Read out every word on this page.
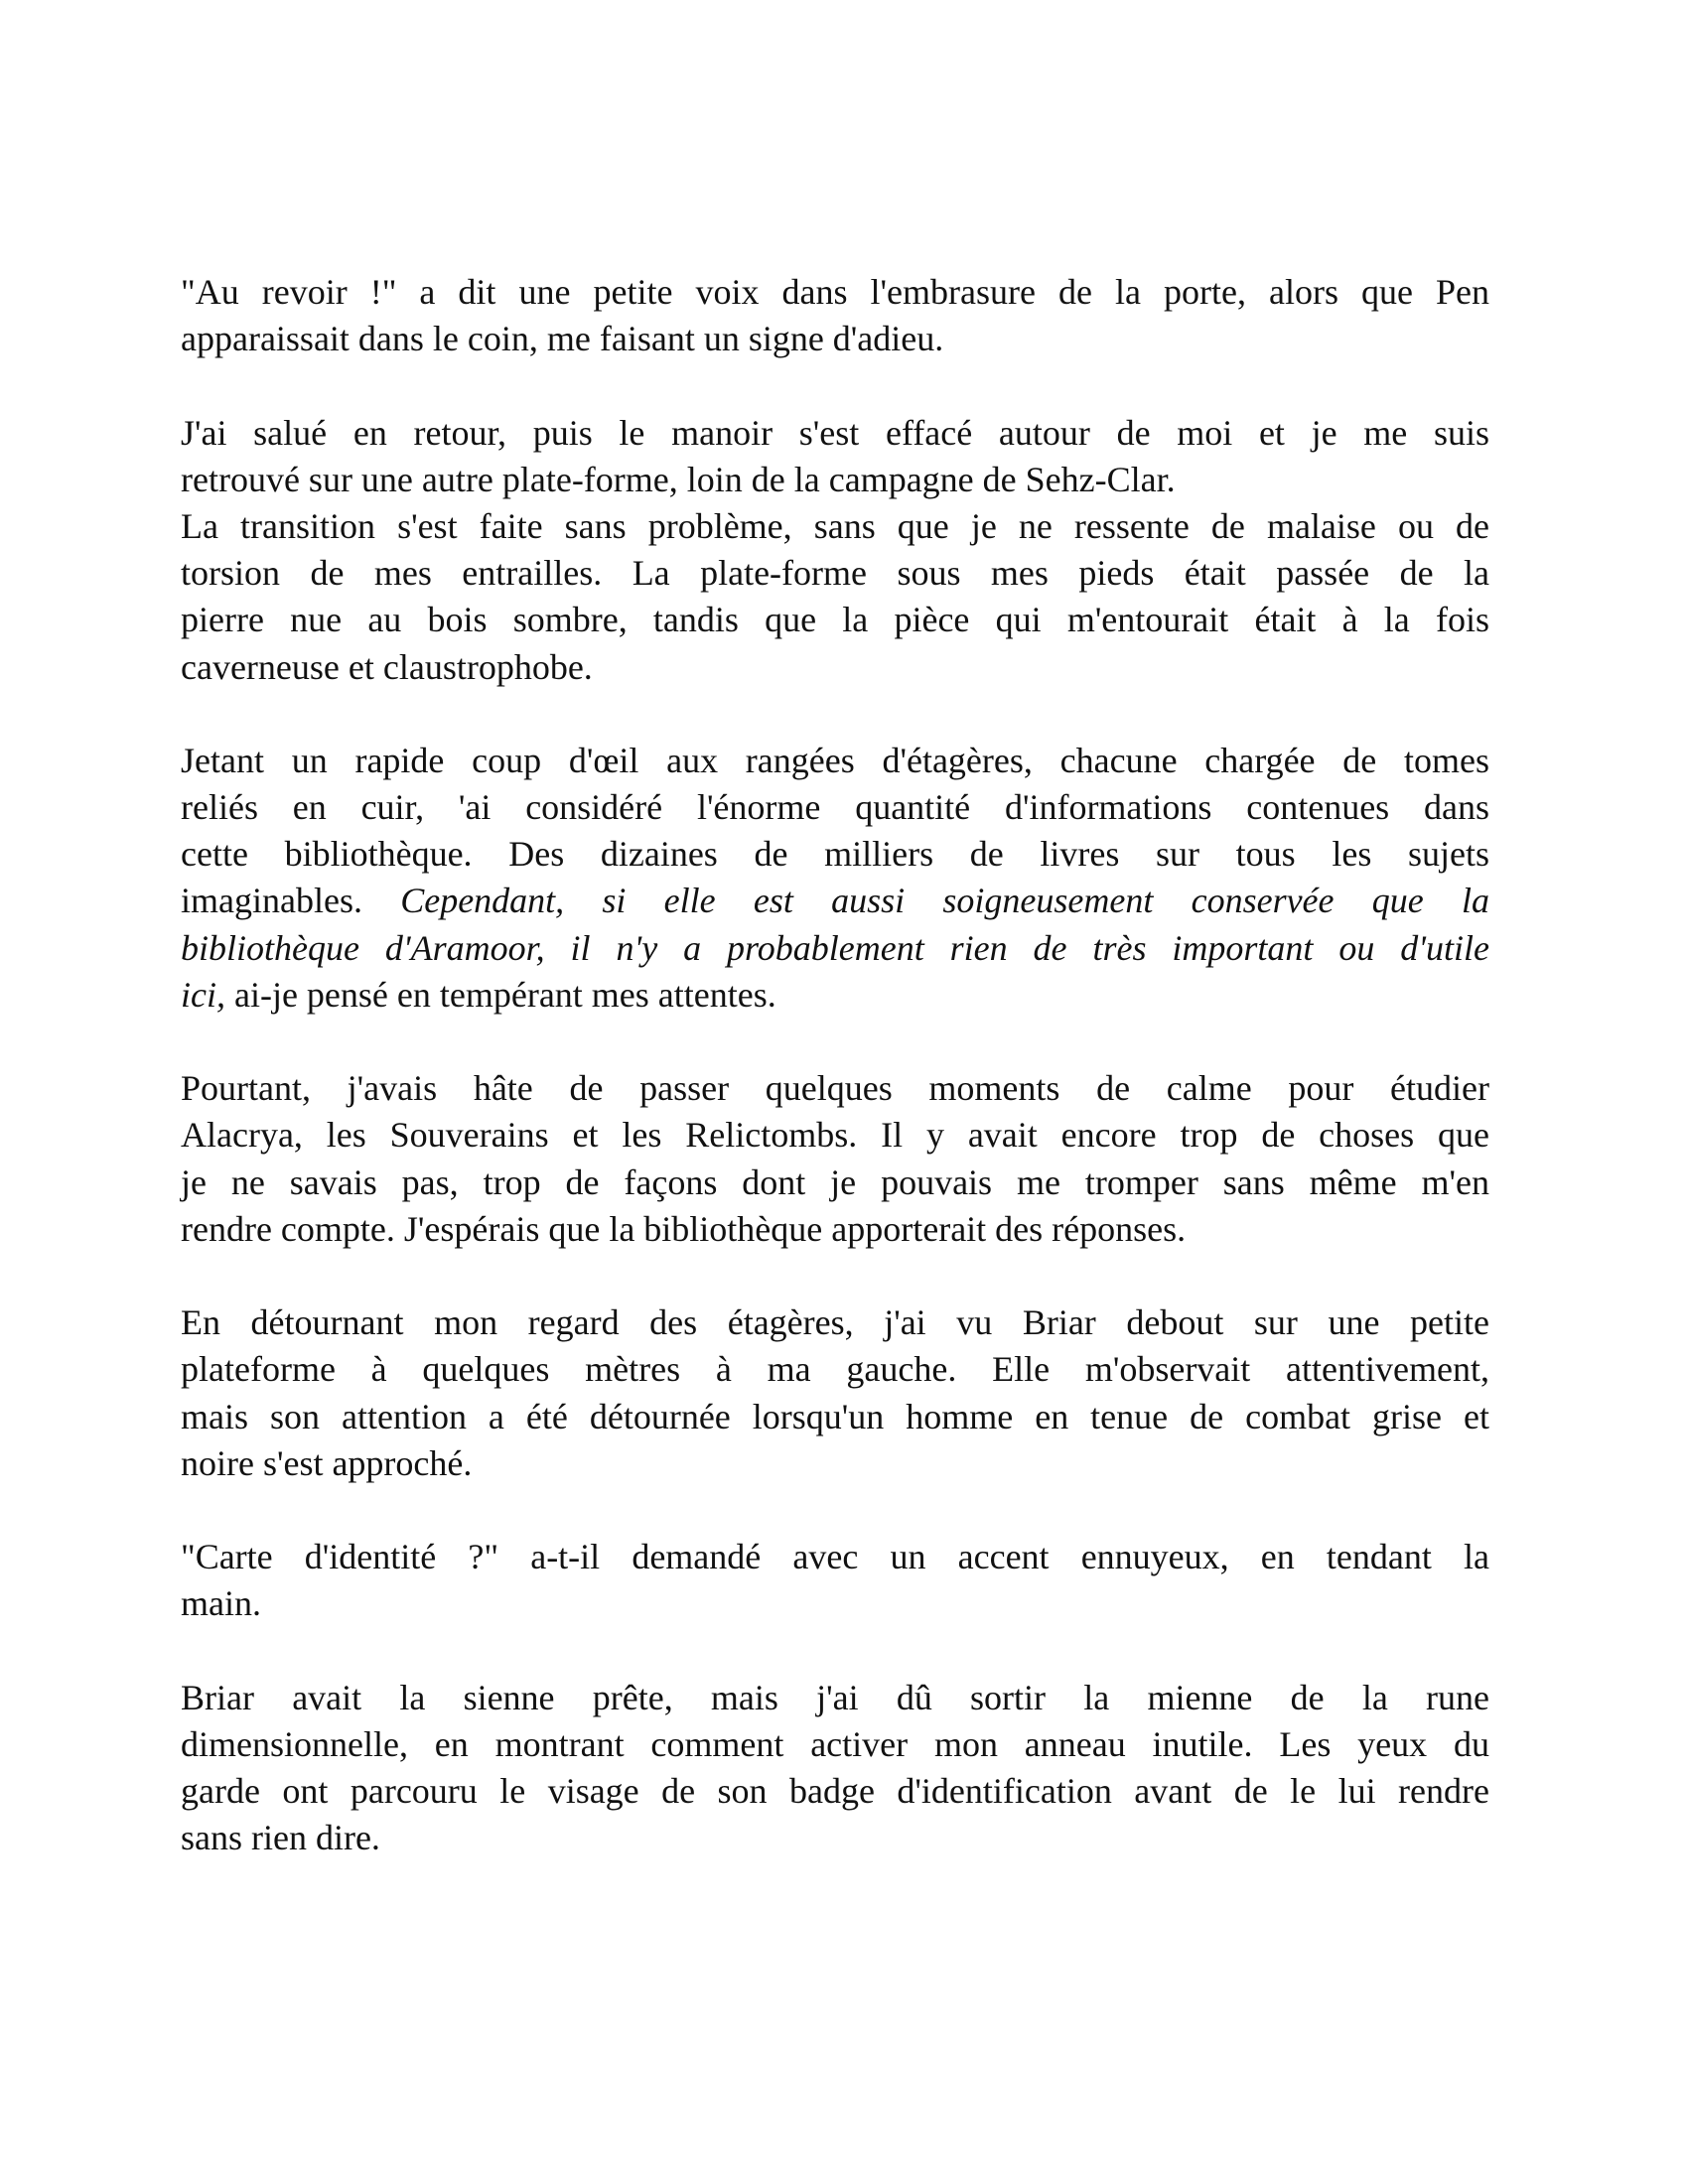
"Au revoir !" a dit une petite voix dans l'embrasure de la porte, alors que Pen
apparaissait dans le coin, me faisant un signe d'adieu.
J'ai salué en retour, puis le manoir s'est effacé autour de moi et je me suis
retrouvé sur une autre plate-forme, loin de la campagne de Sehz-Clar.
La transition s'est faite sans problème, sans que je ne ressente de malaise ou de
torsion de mes entrailles. La plate-forme sous mes pieds était passée de la
pierre nue au bois sombre, tandis que la pièce qui m'entourait était à la fois
caverneuse et claustrophobe.
Jetant un rapide coup d'œil aux rangées d'étagères, chacune chargée de tomes
reliés en cuir, 'ai considéré l'énorme quantité d'informations contenues dans
cette bibliothèque. Des dizaines de milliers de livres sur tous les sujets
imaginables. Cependant, si elle est aussi soigneusement conservée que la
bibliothèque d'Aramoor, il n'y a probablement rien de très important ou d'utile
ici, ai-je pensé en tempérant mes attentes.
Pourtant, j'avais hâte de passer quelques moments de calme pour étudier
Alacrya, les Souverains et les Relictombs. Il y avait encore trop de choses que
je ne savais pas, trop de façons dont je pouvais me tromper sans même m'en
rendre compte. J'espérais que la bibliothèque apporterait des réponses.
En détournant mon regard des étagères, j'ai vu Briar debout sur une petite
plateforme à quelques mètres à ma gauche. Elle m'observait attentivement,
mais son attention a été détournée lorsqu'un homme en tenue de combat grise et
noire s'est approché.
"Carte d'identité ?" a-t-il demandé avec un accent ennuyeux, en tendant la
main.
Briar avait la sienne prête, mais j'ai dû sortir la mienne de la rune
dimensionnelle, en montrant comment activer mon anneau inutile. Les yeux du
garde ont parcouru le visage de son badge d'identification avant de le lui rendre
sans rien dire.
